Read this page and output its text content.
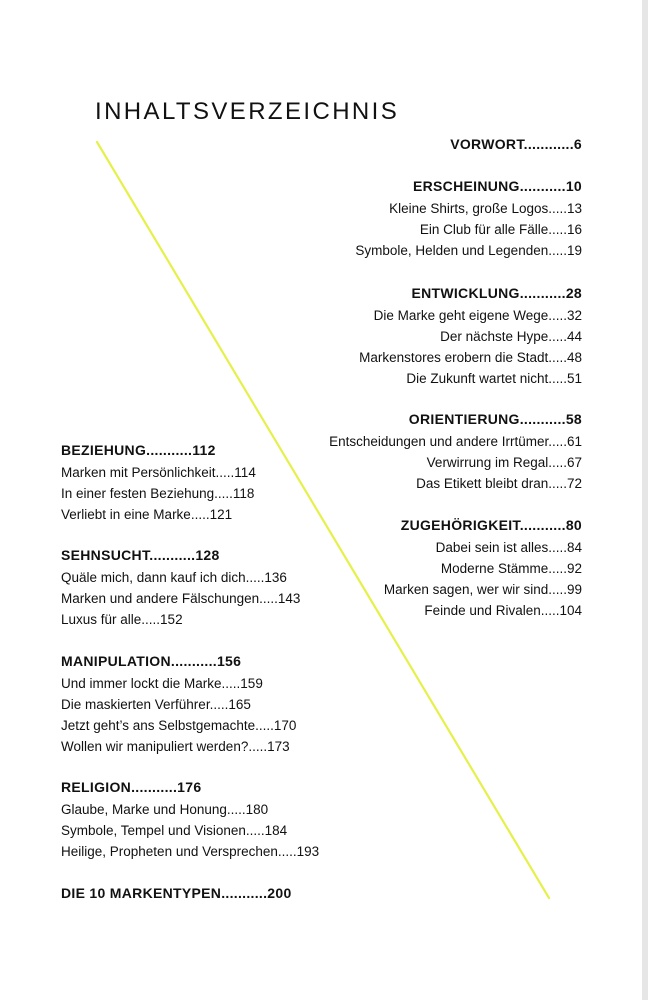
INHALTSVERZEICHNIS
VORWORT............6
ERSCHEINUNG...........10
Kleine Shirts, große Logos.....13
Ein Club für alle Fälle.....16
Symbole, Helden und Legenden.....19
ENTWICKLUNG...........28
Die Marke geht eigene Wege.....32
Der nächste Hype.....44
Markenstores erobern die Stadt.....48
Die Zukunft wartet nicht.....51
ORIENTIERUNG...........58
Entscheidungen und andere Irrtümer.....61
Verwirrung im Regal.....67
Das Etikett bleibt dran.....72
ZUGEHÖRIGKEIT...........80
Dabei sein ist alles.....84
Moderne Stämme.....92
Marken sagen, wer wir sind.....99
Feinde und Rivalen.....104
BEZIEHUNG...........112
Marken mit Persönlichkeit.....114
In einer festen Beziehung.....118
Verliebt in eine Marke.....121
SEHNSUCHT...........128
Quäle mich, dann kauf ich dich.....136
Marken und andere Fälschungen.....143
Luxus für alle.....152
MANIPULATION...........156
Und immer lockt die Marke.....159
Die maskierten Verführer.....165
Jetzt geht’s ans Selbstgemachte.....170
Wollen wir manipuliert werden?.....173
RELIGION...........176
Glaube, Marke und Honung.....180
Symbole, Tempel und Visionen.....184
Heilige, Propheten und Versprechen.....193
DIE 10 MARKENTYPEN...........200
